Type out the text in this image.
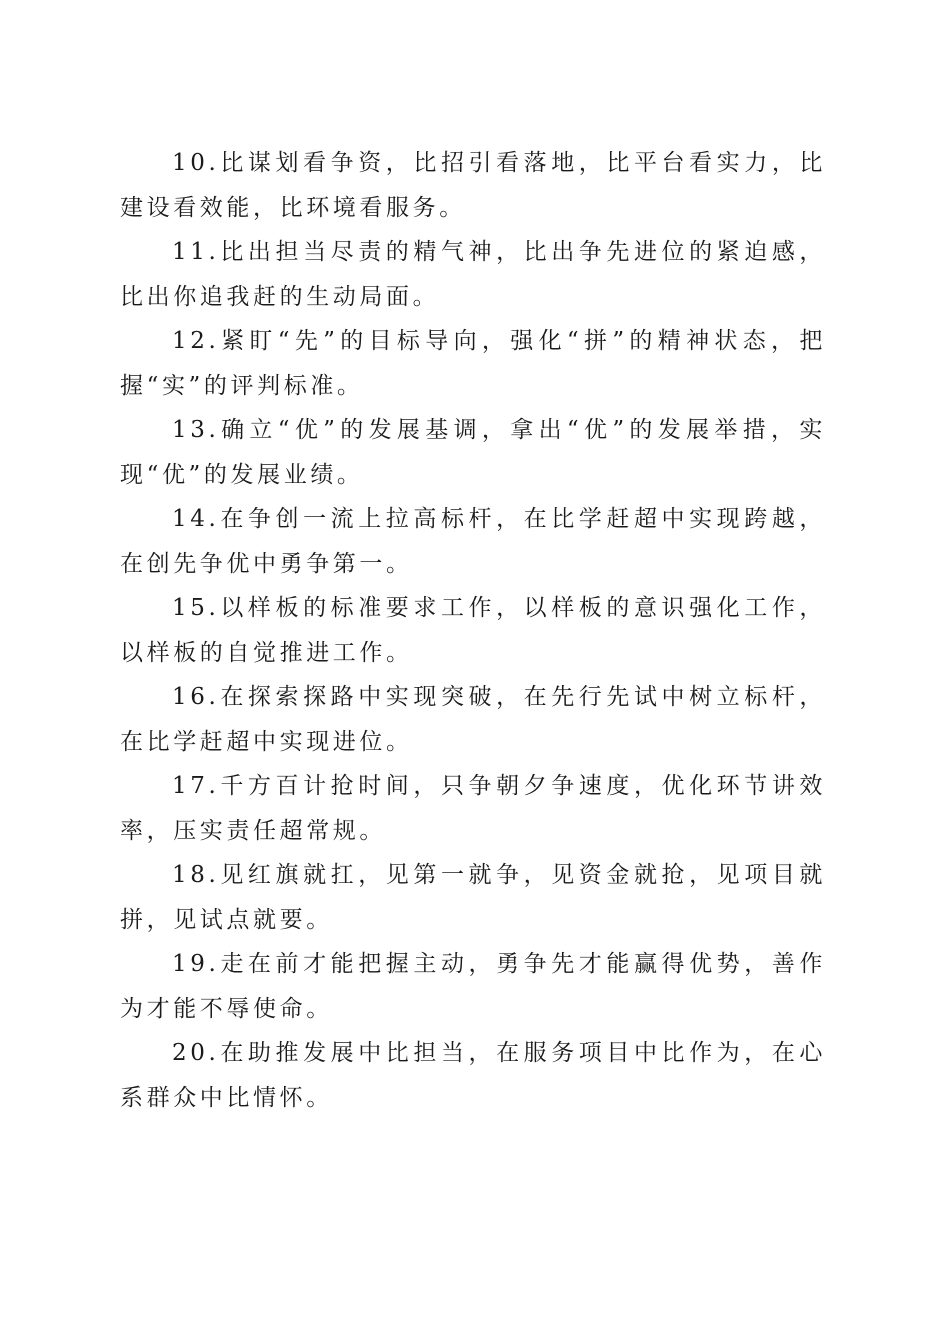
10.比谋划看争资，比招引看落地，比平台看实力，比建设看效能，比环境看服务。

11.比出担当尽责的精气神，比出争先进位的紧迫感，比出你追我赶的生动局面。

12.紧盯“先”的目标导向，强化“拼”的精神状态，把握“实”的评判标准。

13.确立“优”的发展基调，拿出“优”的发展举措，实现“优”的发展业绩。

14.在争创一流上拉高标杆，在比学赶超中实现跨越，在创先争优中勇争第一。

15.以样板的标准要求工作，以样板的意识强化工作，以样板的自觉推进工作。

16.在探索探路中实现突破，在先行先试中树立标杆，在比学赶超中实现进位。

17.千方百计抢时间，只争朝夕争速度，优化环节讲效率，压实责任超常规。

18.见红旗就扛，见第一就争，见资金就抢，见项目就拼，见试点就要。

19.走在前才能把握主动，勇争先才能赢得优势，善作为才能不辱使命。

20.在助推发展中比担当，在服务项目中比作为，在心系群众中比情怀。
